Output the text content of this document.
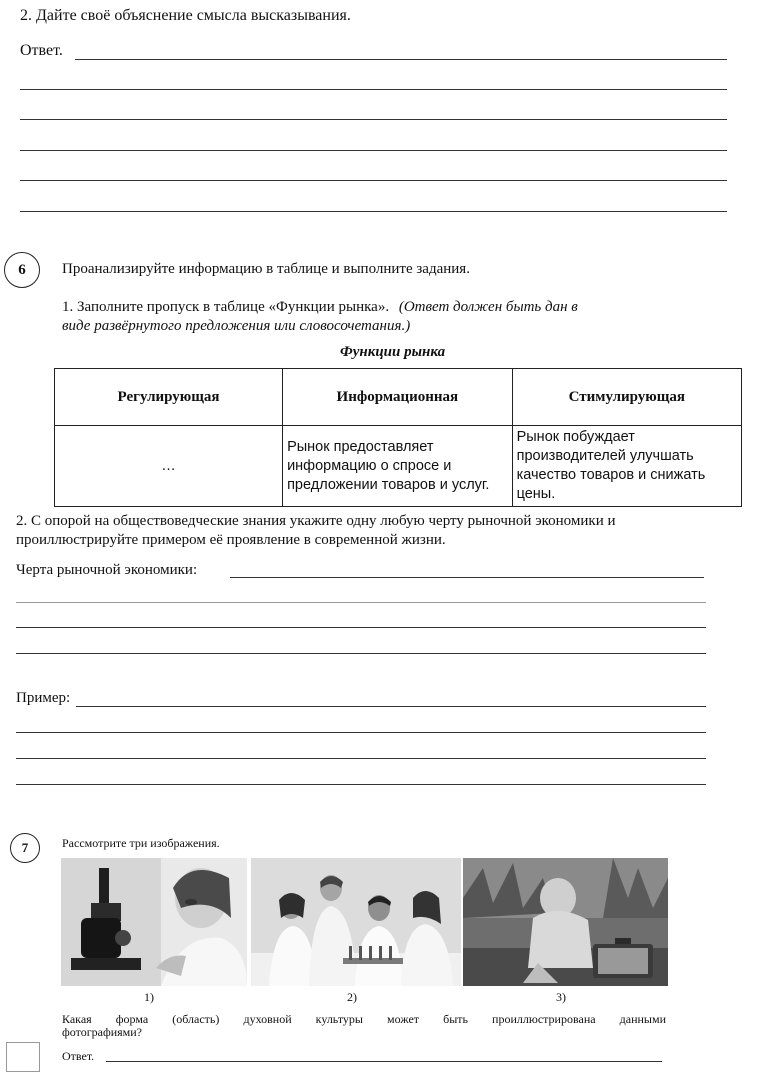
2. Дайте своё объяснение смысла высказывания.
Ответ.
6 Проанализируйте информацию в таблице и выполните задания.
1. Заполните пропуск в таблице «Функции рынка». (Ответ должен быть дан в
виде развёрнутого предложения или словосочетания.)
Функции рынка
Регулирующая	Информационная	Стимулирующая
…	Рынок предоставляет информацию о спросе и предложении товаров и услуг.	Рынок побуждает производителей улучшать качество товаров и снижать цены.
2. С опорой на обществоведческие знания укажите одну любую черту рыночной экономики и
проиллюстрируйте примером её проявление в современной жизни.
Черта рыночной экономики:
Пример:
7	Рассмотрите три изображения.
1)	2)	3)
Какая форма (область) духовной культуры может быть проиллюстрирована данными
фотографиями?
Ответ.
